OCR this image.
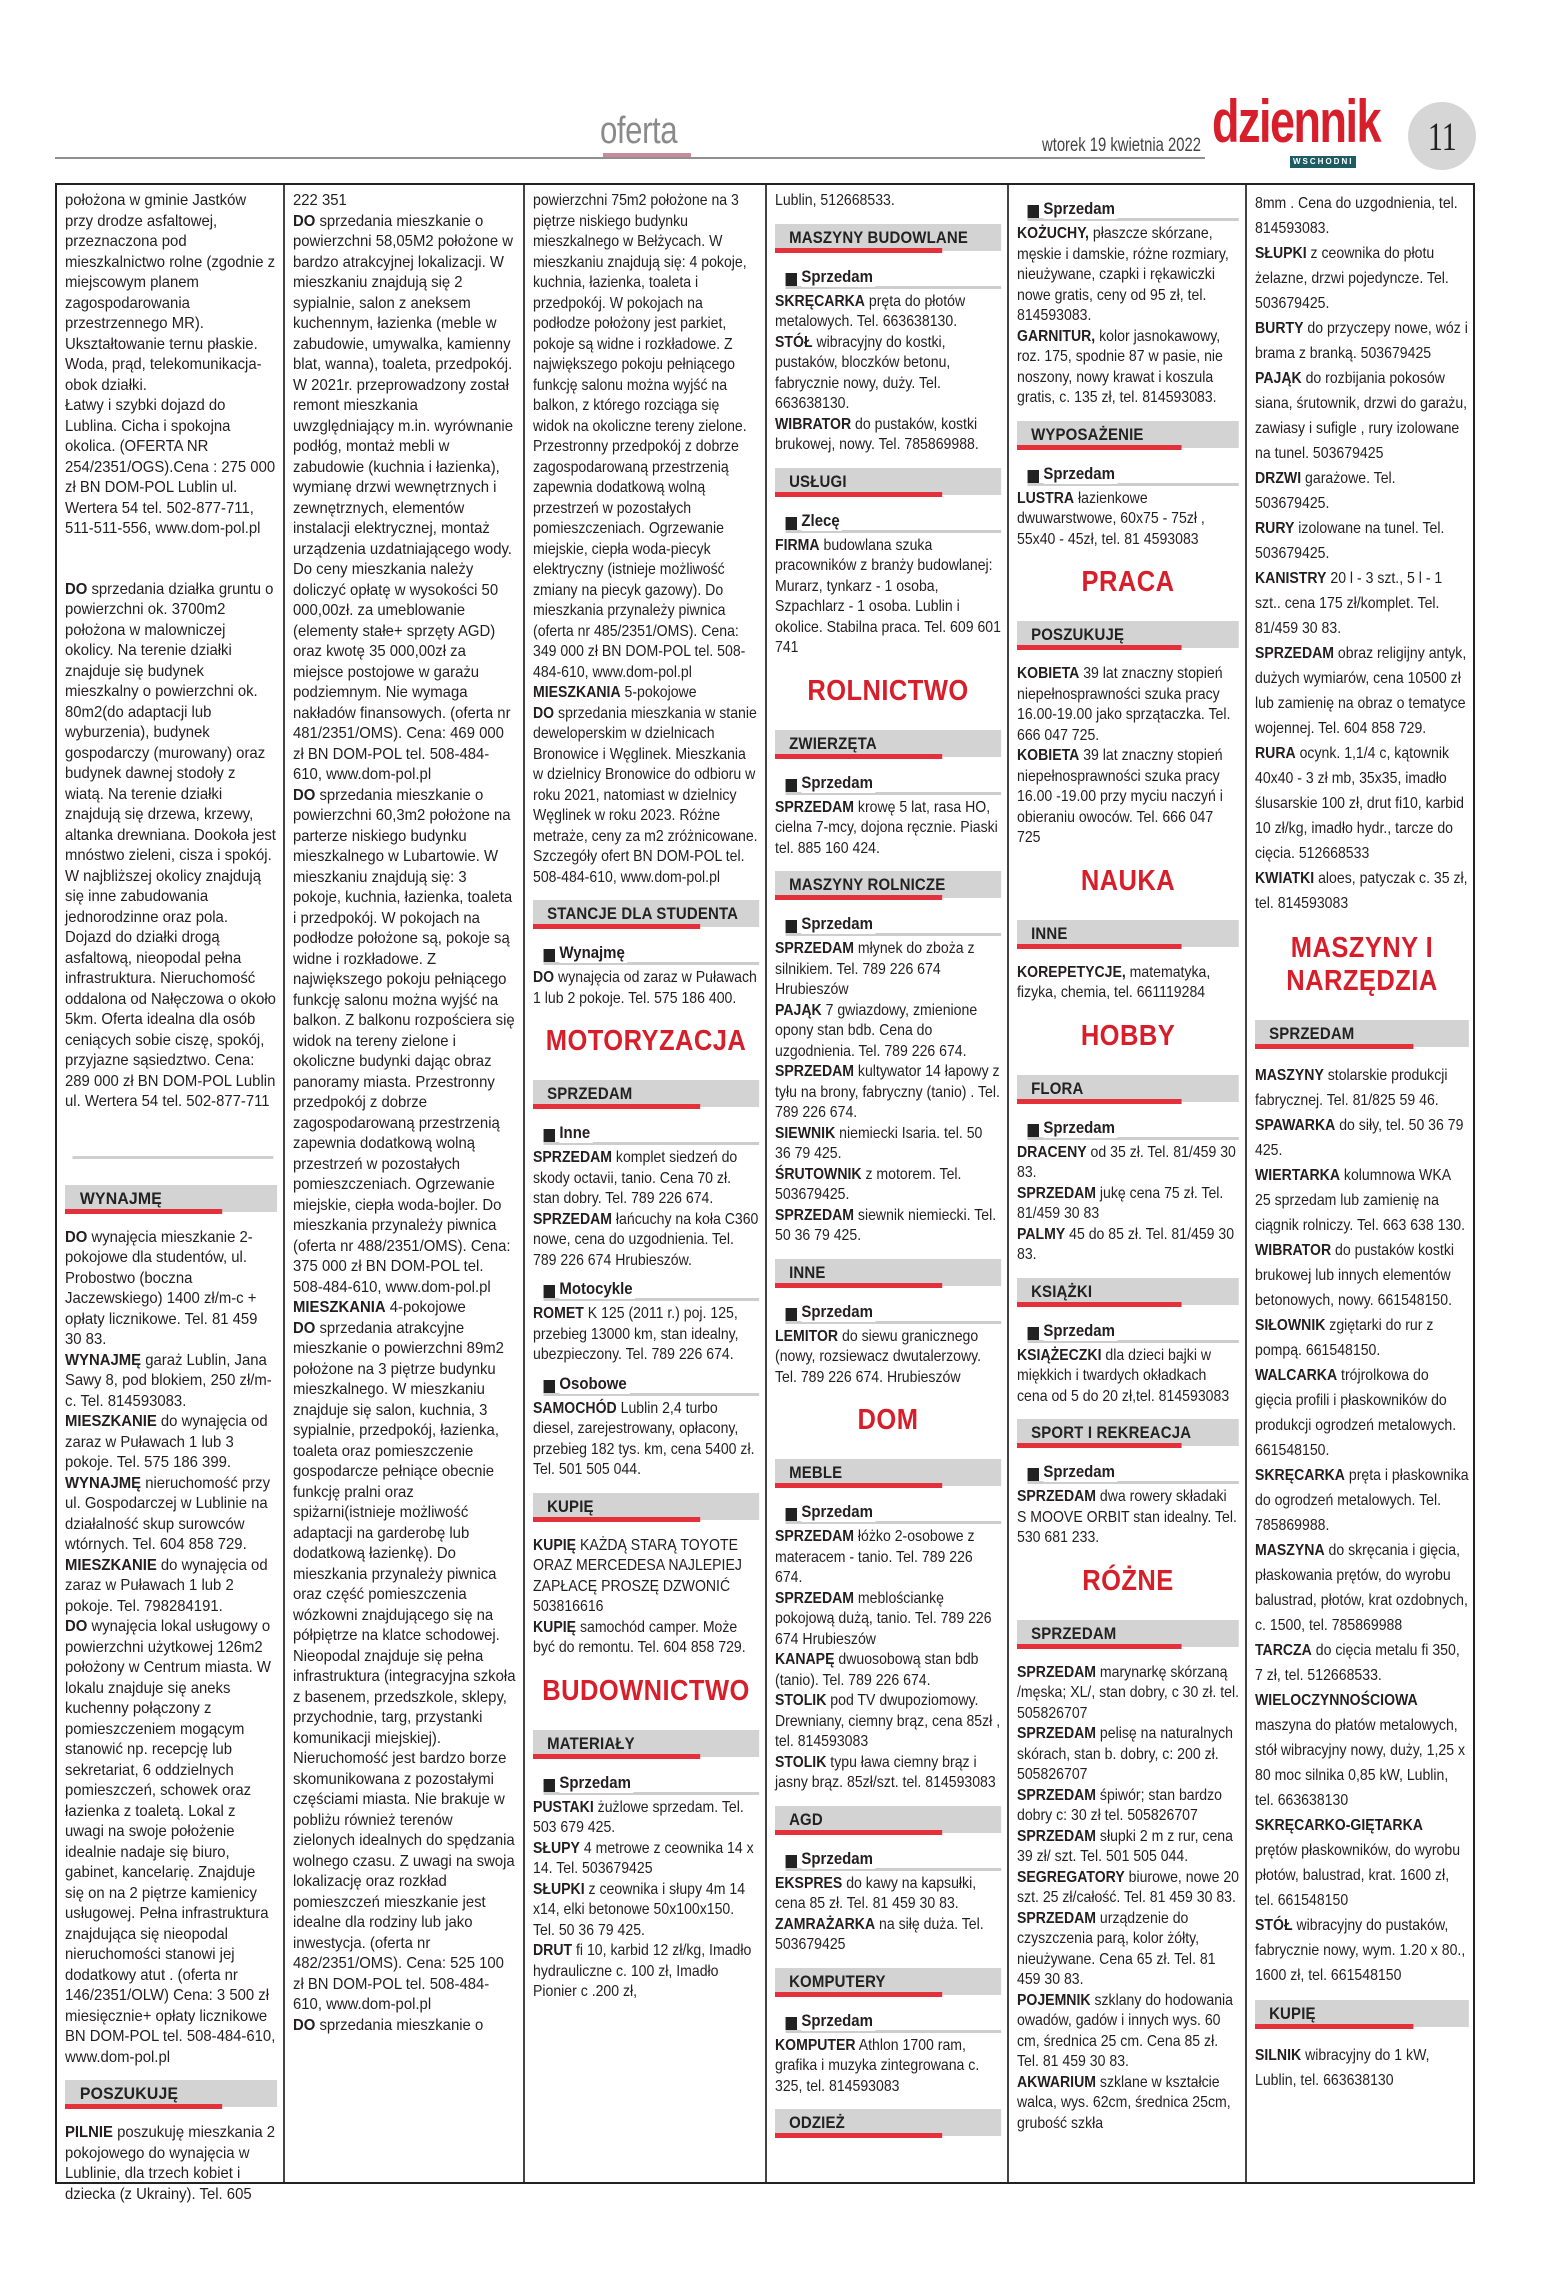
oferta	wtorek 19 kwietnia 2022 dziennik
WSCHODNI
11

położona w gminie Jastków przy drodze asfaltowej, przeznaczona pod mieszkalnictwo rolne (zgodnie z miejscowym planem zagospodarowania przestrzennego MR). Ukształtowanie ternu płaskie. Woda, prąd, telekomunikacja- obok działki.

Łatwy i szybki dojazd do Lublina. Cicha i spokojna okolica. (OFERTA NR 254/2351/OGS).Cena : 275 000 zł BN DOM-POL Lublin ul. Wertera 54 tel. 502-877-711, 511-511-556, www.dom-pol.pl

DO sprzedania działka gruntu o powierzchni ok. 3700m2 położona w malowniczej okolicy. Na terenie działki znajduje się budynek mieszkalny o powierzchni ok. 80m2(do adaptacji lub wyburzenia), budynek gospodarczy (murowany) oraz budynek dawnej stodoły z wiatą. Na terenie działki znajdują się drzewa, krzewy, altanka drewniana. Dookoła jest mnóstwo zieleni, cisza i spokój. W najbliższej okolicy znajdują się inne zabudowania jednorodzinne oraz pola. Dojazd do działki drogą asfaltową, nieopodal pełna infrastruktura. Nieruchomość oddalona od Nałęczowa o około 5km. Oferta idealna dla osób ceniących sobie ciszę, spokój, przyjazne sąsiedztwo. Cena: 289 000 zł BN DOM-POL Lublin ul. Wertera 54 tel. 502-877-711

WYNAJMĘ

DO wynajęcia mieszkanie 2-pokojowe dla studentów, ul. Probostwo (boczna Jaczewskiego) 1400 zł/m-c + opłaty licznikowe. Tel. 81 459 30 83.

WYNAJMĘ garaż Lublin, Jana Sawy 8, pod blokiem, 250 zł/m-c. Tel. 814593083.

MIESZKANIE do wynajęcia od zaraz w Puławach 1 lub 3 pokoje. Tel. 575 186 399.

WYNAJMĘ nieruchomość przy ul. Gospodarczej w Lublinie na działalność skup surowców wtórnych. Tel. 604 858 729.

MIESZKANIE do wynajęcia od zaraz w Puławach 1 lub 2 pokoje. Tel. 798284191.

DO wynajęcia lokal usługowy o powierzchni użytkowej 126m2 położony w Centrum miasta. W lokalu znajduje się aneks kuchenny połączony z pomieszczeniem mogącym stanowić np. recepcję lub sekretariat, 6 oddzielnych pomieszczeń, schowek oraz łazienka z toaletą. Lokal z uwagi na swoje położenie idealnie nadaje się biuro, gabinet, kancelarię. Znajduje się on na 2 piętrze kamienicy usługowej. Pełna infrastruktura znajdująca się nieopodal nieruchomości stanowi jej dodatkowy atut . (oferta nr 146/2351/OLW) Cena: 3 500 zł miesięcznie+ opłaty licznikowe BN DOM-POL tel. 508-484-610, www.dom-pol.pl

POSZUKUJĘ

PILNIE poszukuję mieszkania 2 pokojowego do wynajęcia w Lublinie, dla trzech kobiet i dziecka (z Ukrainy). Tel. 605

222 351

DO sprzedania mieszkanie o powierzchni 58,05M2 położone w bardzo atrakcyjnej lokalizacji. W mieszkaniu znajdują się 2 sypialnie, salon z aneksem kuchennym, łazienka (meble w zabudowie, umywalka, kamienny blat, wanna), toaleta, przedpokój. W 2021r. przeprowadzony został remont mieszkania uwzględniający m.in. wyrównanie podłóg, montaż mebli w zabudowie (kuchnia i łazienka), wymianę drzwi wewnętrznych i zewnętrznych, elementów instalacji elektrycznej, montaż urządzenia uzdatniającego wody. Do ceny mieszkania należy doliczyć opłatę w wysokości 50 000,00zł. za umeblowanie (elementy stałe+ sprzęty AGD) oraz kwotę 35 000,00zł za miejsce postojowe w garażu podziemnym. Nie wymaga nakładów finansowych. (oferta nr 481/2351/OMS). Cena: 469 000 zł BN DOM-POL tel. 508-484-610, www.dom-pol.pl

DO sprzedania mieszkanie o powierzchni 60,3m2 położone na parterze niskiego budynku mieszkalnego w Lubartowie. W mieszkaniu znajdują się: 3 pokoje, kuchnia, łazienka, toaleta i przedpokój. W pokojach na podłodze położone są, pokoje są widne i rozkładowe. Z największego pokoju pełniącego funkcję salonu można wyjść na balkon. Z balkonu rozpościera się widok na tereny zielone i okoliczne budynki dając obraz panoramy miasta. Przestronny przedpokój z dobrze zagospodarowaną przestrzenią zapewnia dodatkową wolną przestrzeń w pozostałych pomieszczeniach. Ogrzewanie miejskie, ciepła woda-bojler. Do mieszkania przynależy piwnica (oferta nr 488/2351/OMS). Cena: 375 000 zł BN DOM-POL tel. 508-484-610, www.dom-pol.pl

MIESZKANIA 4-pokojowe

DO sprzedania atrakcyjne mieszkanie o powierzchni 89m2 położone na 3 piętrze budynku mieszkalnego. W mieszkaniu znajduje się salon, kuchnia, 3 sypialnie, przedpokój, łazienka, toaleta oraz pomieszczenie gospodarcze pełniące obecnie funkcję pralni oraz spiżarni(istnieje możliwość adaptacji na garderobę lub dodatkową łazienkę). Do mieszkania przynależy piwnica oraz część pomieszczenia wózkowni znajdującego się na półpiętrze na klatce schodowej. Nieopodal znajduje się pełna infrastruktura (integracyjna szkoła z basenem, przedszkole, sklepy, przychodnie, targ, przystanki komunikacji miejskiej). Nieruchomość jest bardzo borze skomunikowana z pozostałymi częściami miasta. Nie brakuje w pobliżu również terenów zielonych idealnych do spędzania wolnego czasu. Z uwagi na swoja lokalizację oraz rozkład pomieszczeń mieszkanie jest idealne dla rodziny lub jako inwestycja. (oferta nr 482/2351/OMS). Cena: 525 100 zł BN DOM-POL tel. 508-484-610, www.dom-pol.pl

DO sprzedania mieszkanie o

powierzchni 75m2 położone na 3 piętrze niskiego budynku mieszkalnego w Bełżycach. W mieszkaniu znajdują się: 4 pokoje, kuchnia, łazienka, toaleta i przedpokój. W pokojach na podłodze położony jest parkiet, pokoje są widne i rozkładowe. Z największego pokoju pełniącego funkcję salonu można wyjść na balkon, z którego rozciąga się widok na okoliczne tereny zielone. Przestronny przedpokój z dobrze zagospodarowaną przestrzenią zapewnia dodatkową wolną przestrzeń w pozostałych pomieszczeniach. Ogrzewanie miejskie, ciepła woda-piecyk elektryczny (istnieje możliwość zmiany na piecyk gazowy). Do mieszkania przynależy piwnica (oferta nr 485/2351/OMS). Cena: 349 000 zł BN DOM-POL tel. 508-484-610, www.dom-pol.pl

MIESZKANIA 5-pokojowe

DO sprzedania mieszkania w stanie deweloperskim w dzielnicach Bronowice i Węglinek. Mieszkania w dzielnicy Bronowice do odbioru w roku 2021, natomiast w dzielnicy Węglinek w roku 2023. Różne metraże, ceny za m2 zróżnicowane. Szczegóły ofert BN DOM-POL tel. 508-484-610, www.dom-pol.pl

STANCJE DLA STUDENTA
Wynajmę

DO wynajęcia od zaraz w Puławach 1 lub 2 pokoje. Tel. 575 186 400.

MOTORYZACJA
SPRZEDAM
Inne

SPRZEDAM komplet siedzeń do skody octavii, tanio. Cena 70 zł. stan dobry. Tel. 789 226 674.

SPRZEDAM łańcuchy na koła C360 nowe, cena do uzgodnienia. Tel. 789 226 674 Hrubieszów.

Motocykle

ROMET K 125 (2011 r.) poj. 125, przebieg 13000 km, stan idealny, ubezpieczony. Tel. 789 226 674.

Osobowe

SAMOCHÓD Lublin 2,4 turbo diesel, zarejestrowany, opłacony, przebieg 182 tys. km, cena 5400 zł. Tel. 501 505 044.

KUPIĘ

KUPIĘ KAŻDĄ STARĄ TOYOTE ORAZ MERCEDESA NAJLEPIEJ ZAPŁACĘ PROSZĘ DZWONIĆ 503816616

KUPIĘ samochód camper. Może być do remontu. Tel. 604 858 729.

BUDOWNICTWO
MATERIAŁY
Sprzedam

PUSTAKI żużlowe sprzedam. Tel. 503 679 425.

SŁUPY 4 metrowe z ceownika 14 x 14. Tel. 503679425

SŁUPKI z ceownika i słupy 4m 14 x14, elki betonowe 50x100x150. Tel. 50 36 79 425.

DRUT fi 10, karbid 12 zł/kg, Imadło hydrauliczne c. 100 zł, Imadło Pionier c .200 zł,

Lublin, 512668533.

MASZYNY BUDOWLANE
Sprzedam

SKRĘCARKA pręta do płotów metalowych. Tel. 663638130.

STÓŁ wibracyjny do kostki, pustaków, bloczków betonu, fabrycznie nowy, duży. Tel. 663638130.

WIBRATOR do pustaków, kostki brukowej, nowy. Tel. 785869988.

USŁUGI
Zlecę

FIRMA budowlana szuka pracowników z branży budowlanej: Murarz, tynkarz - 1 osoba, Szpachlarz - 1 osoba. Lublin i okolice. Stabilna praca. Tel. 609 601 741

ROLNICTWO
ZWIERZĘTA
Sprzedam

SPRZEDAM krowę 5 lat, rasa HO, cielna 7-mcy, dojona ręcznie. Piaski tel. 885 160 424.

MASZYNY ROLNICZE
Sprzedam

SPRZEDAM młynek do zboża z silnikiem. Tel. 789 226 674 Hrubieszów

PAJĄK 7 gwiazdowy, zmienione opony stan bdb. Cena do uzgodnienia. Tel. 789 226 674.

SPRZEDAM kultywator 14 łapowy z tyłu na brony, fabryczny (tanio) . Tel. 789 226 674.

SIEWNIK niemiecki Isaria. tel. 50 36 79 425.

ŚRUTOWNIK z motorem. Tel. 503679425.

SPRZEDAM siewnik niemiecki. Tel. 50 36 79 425.

INNE
Sprzedam

LEMITOR do siewu granicznego (nowy, rozsiewacz dwutalerzowy. Tel. 789 226 674. Hrubieszów

DOM
MEBLE
Sprzedam

SPRZEDAM łóżko 2-osobowe z materacem - tanio. Tel. 789 226 674.

SPRZEDAM meblościankę pokojową dużą, tanio. Tel. 789 226 674 Hrubieszów

KANAPĘ dwuosobową stan bdb (tanio). Tel. 789 226 674.

STOLIK pod TV dwupoziomowy. Drewniany, ciemny brąz, cena 85zł , tel. 814593083

STOLIK typu ława ciemny brąz i jasny brąz. 85zł/szt. tel. 814593083

AGD
Sprzedam

EKSPRES do kawy na kapsułki, cena 85 zł. Tel. 81 459 30 83.

ZAMRAŻARKA na siłę duża. Tel. 503679425

KOMPUTERY
Sprzedam

KOMPUTER Athlon 1700 ram, grafika i muzyka zintegrowana c. 325, tel. 814593083

ODZIEŻ
Sprzedam

KOŻUCHY, płaszcze skórzane, męskie i damskie, różne rozmiary, nieużywane, czapki i rękawiczki nowe gratis, ceny od 95 zł, tel. 814593083.

GARNITUR, kolor jasnokawowy, roz. 175, spodnie 87 w pasie, nie noszony, nowy krawat i koszula gratis, c. 135 zł, tel. 814593083.

WYPOSAŻENIE
Sprzedam

LUSTRA łazienkowe dwuwarstwowe, 60x75 - 75zł , 55x40 - 45zł, tel. 81 4593083

PRACA
POSZUKUJĘ

KOBIETA 39 lat znaczny stopień niepełnosprawności szuka pracy 16.00-19.00 jako sprzątaczka. Tel. 666 047 725.

KOBIETA 39 lat znaczny stopień niepełnosprawności szuka pracy 16.00 -19.00 przy myciu naczyń i obieraniu owoców. Tel. 666 047 725

NAUKA
INNE

KOREPETYCJE, matematyka, fizyka, chemia, tel. 661119284

HOBBY
FLORA
Sprzedam

DRACENY od 35 zł. Tel. 81/459 30 83.

SPRZEDAM jukę cena 75 zł. Tel. 81/459 30 83

PALMY 45 do 85 zł. Tel. 81/459 30 83.

KSIĄŻKI
Sprzedam

KSIĄŻECZKI dla dzieci bajki w miękkich i twardych okładkach cena od 5 do 20 zł,tel. 814593083

SPORT I REKREACJA
Sprzedam

SPRZEDAM dwa rowery składaki S MOOVE ORBIT stan idealny. Tel. 530 681 233.

RÓŻNE
SPRZEDAM

SPRZEDAM marynarkę skórzaną /męska; XL/, stan dobry, c 30 zł. tel. 505826707

SPRZEDAM pelisę na naturalnych skórach, stan b. dobry, c: 200 zł. 505826707

SPRZEDAM śpiwór; stan bardzo dobry c: 30 zł tel. 505826707

SPRZEDAM słupki 2 m z rur, cena 39 zł/ szt. Tel. 501 505 044.

SEGREGATORY biurowe, nowe 20 szt. 25 zł/całość. Tel. 81 459 30 83.

SPRZEDAM urządzenie do czyszczenia parą, kolor żółty, nieużywane. Cena 65 zł. Tel. 81 459 30 83.

POJEMNIK szklany do hodowania owadów, gadów i innych wys. 60 cm, średnica 25 cm. Cena 85 zł. Tel. 81 459 30 83.

AKWARIUM szklane w kształcie walca, wys. 62cm, średnica 25cm, grubość szkła

8mm . Cena do uzgodnienia, tel. 814593083.

SŁUPKI z ceownika do płotu żelazne, drzwi pojedyncze. Tel. 503679425.

BURTY do przyczepy nowe, wóz i brama z branką. 503679425

PAJĄK do rozbijania pokosów siana, śrutownik, drzwi do garażu, zawiasy i sufigle , rury izolowane na tunel. 503679425

DRZWI garażowe. Tel. 503679425.

RURY izolowane na tunel. Tel. 503679425.

KANISTRY 20 l - 3 szt., 5 l - 1 szt.. cena 175 zł/komplet. Tel. 81/459 30 83.

SPRZEDAM obraz religijny antyk, dużych wymiarów, cena 10500 zł lub zamienię na obraz o tematyce wojennej. Tel. 604 858 729.

RURA ocynk. 1,1/4 c, kątownik 40x40 - 3 zł mb, 35x35, imadło ślusarskie 100 zł, drut fi10, karbid 10 zł/kg, imadło hydr., tarcze do cięcia. 512668533

KWIATKI aloes, patyczak c. 35 zł, tel. 814593083

MASZYNY I NARZĘDZIA
SPRZEDAM

MASZYNY stolarskie produkcji fabrycznej. Tel. 81/825 59 46.

SPAWARKA do siły, tel. 50 36 79 425.

WIERTARKA kolumnowa WKA 25 sprzedam lub zamienię na ciągnik rolniczy. Tel. 663 638 130.

WIBRATOR do pustaków kostki brukowej lub innych elementów betonowych, nowy. 661548150.

SIŁOWNIK zgiętarki do rur z pompą. 661548150.

WALCARKA trójrolkowa do gięcia profili i płaskowników do produkcji ogrodzeń metalowych. 661548150.

SKRĘCARKA pręta i płaskownika do ogrodzeń metalowych. Tel. 785869988.

MASZYNA do skręcania i gięcia, płaskowania prętów, do wyrobu balustrad, płotów, krat ozdobnych, c. 1500, tel. 785869988

TARCZA do cięcia metalu fi 350, 7 zł, tel. 512668533.

WIELOCZYNNOŚCIOWA maszyna do płatów metalowych, stół wibracyjny nowy, duży, 1,25 x 80 moc silnika 0,85 kW, Lublin, tel. 663638130

SKRĘCARKO-GIĘTARKA prętów płaskowników, do wyrobu płotów, balustrad, krat. 1600 zł, tel. 661548150

STÓŁ wibracyjny do pustaków, fabrycznie nowy, wym. 1.20 x 80., 1600 zł, tel. 661548150

KUPIĘ

SILNIK wibracyjny do 1 kW, Lublin, tel. 663638130
